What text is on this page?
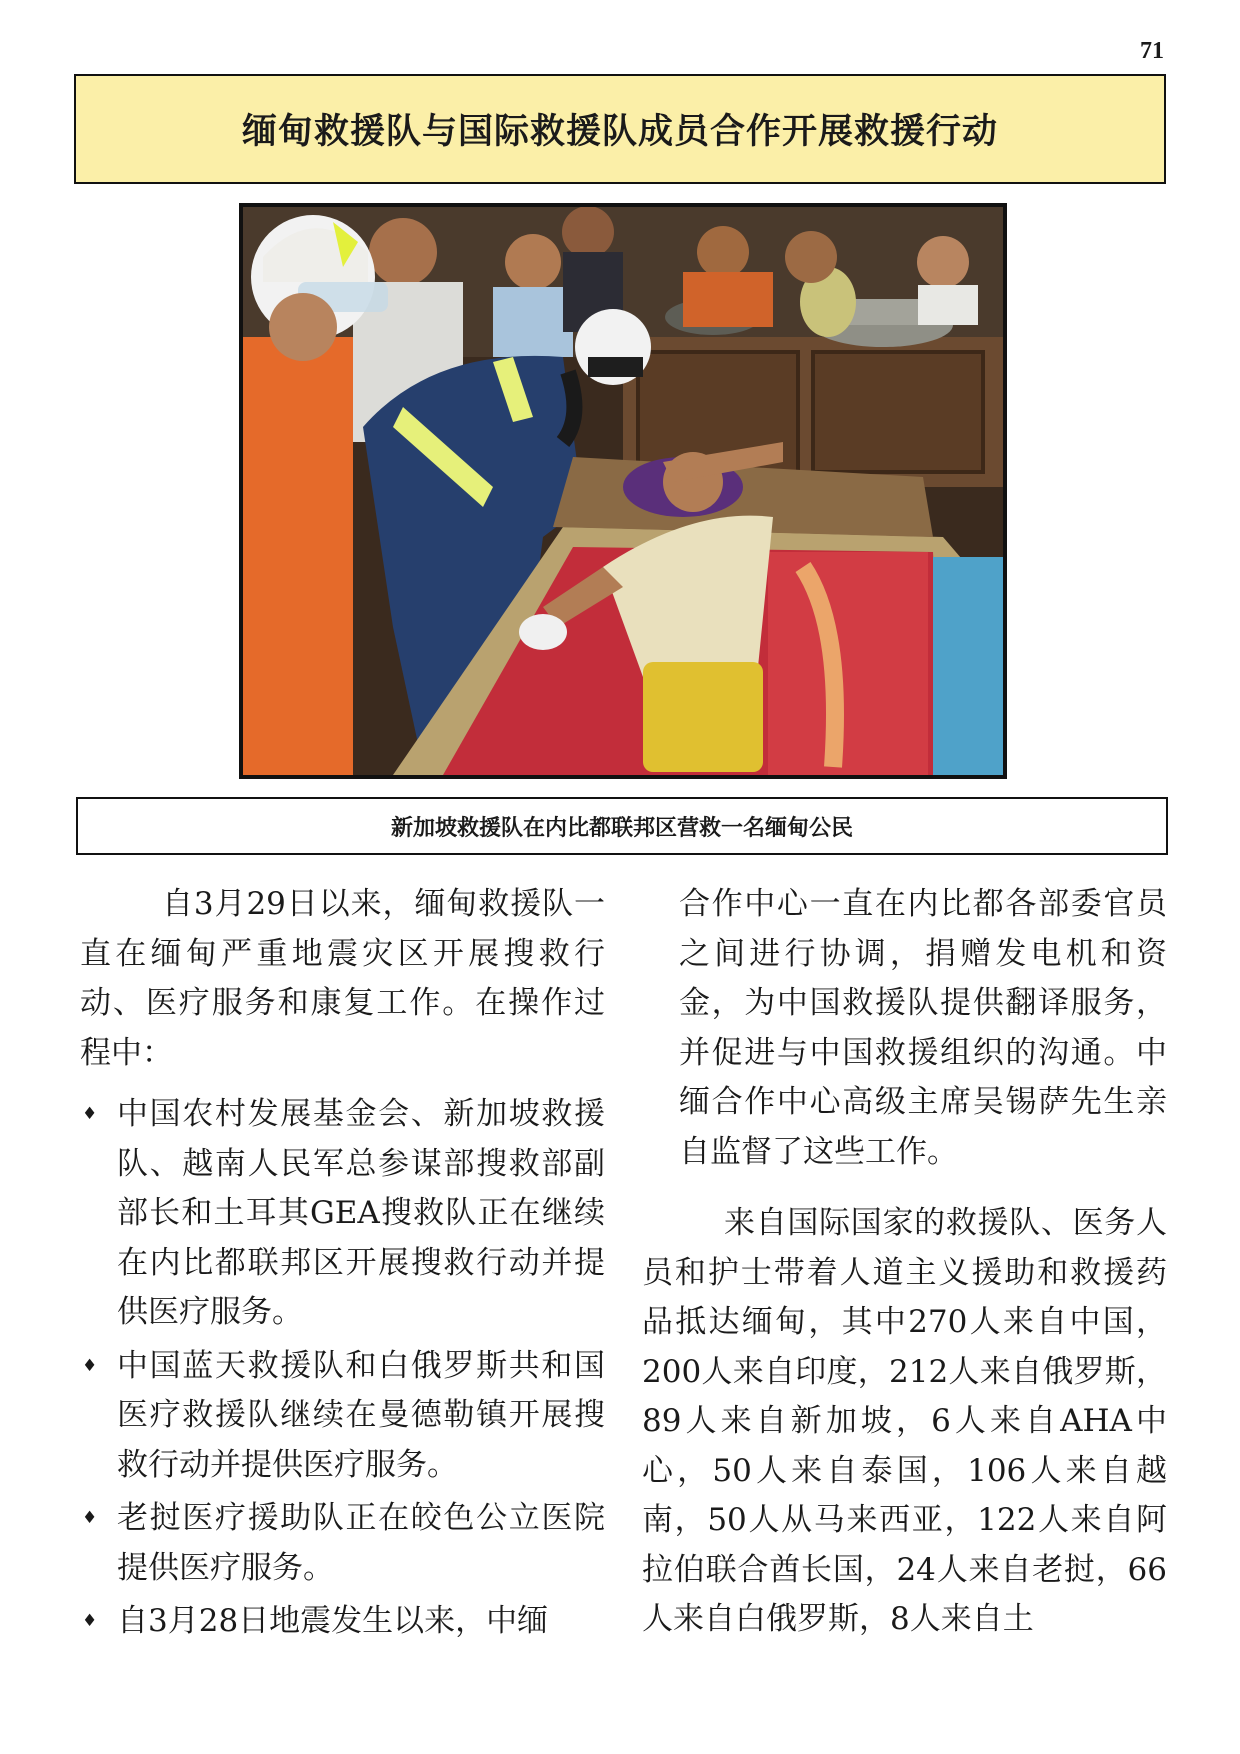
71
缅甸救援队与国际救援队成员合作开展救援行动
新加坡救援队在内比都联邦区营救一名缅甸公民

自3月29日以来，缅甸救援队一直在缅甸严重地震灾区开展搜救行动、医疗服务和康复工作。在操作过程中：

♦ 中国农村发展基金会、新加坡救援队、越南人民军总参谋部搜救部副部长和土耳其GEA搜救队正在继续在内比都联邦区开展搜救行动并提供医疗服务。
♦ 中国蓝天救援队和白俄罗斯共和国医疗救援队继续在曼德勒镇开展搜救行动并提供医疗服务。
♦ 老挝医疗援助队正在皎色公立医院提供医疗服务。
♦ 自3月28日地震发生以来，中缅

合作中心一直在内比都各部委官员之间进行协调，捐赠发电机和资金，为中国救援队提供翻译服务，并促进与中国救援组织的沟通。中缅合作中心高级主席吴锡萨先生亲自监督了这些工作。

来自国际国家的救援队、医务人员和护士带着人道主义援助和救援药品抵达缅甸，其中270人来自中国，200人来自印度，212人来自俄罗斯，89人来自新加坡，6人来自AHA中心，50人来自泰国，106人来自越南，50人从马来西亚，122人来自阿拉伯联合酋长国，24人来自老挝，66人来自白俄罗斯，8人来自土
